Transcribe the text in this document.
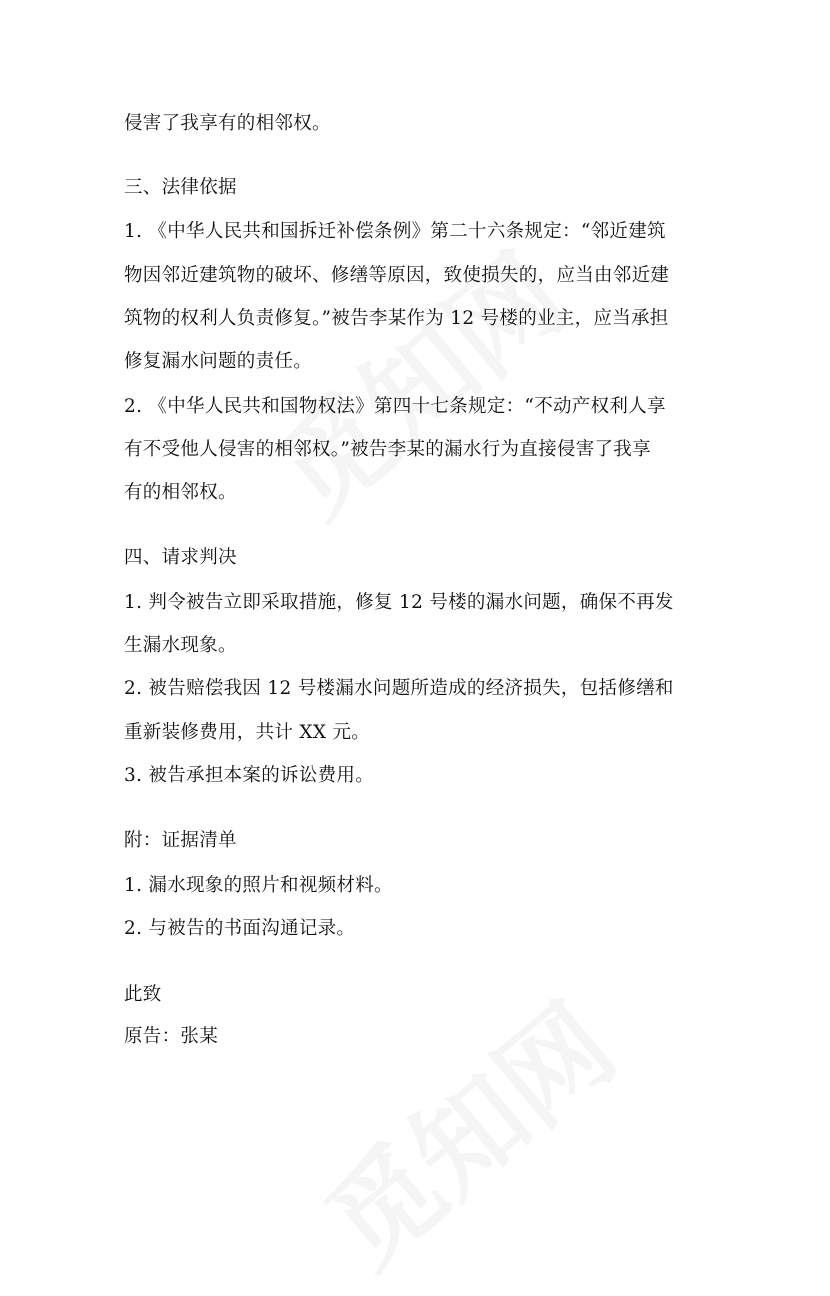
侵害了我享有的相邻权。
三、法律依据
1. 《中华人民共和国拆迁补偿条例》第二十六条规定：“邻近建筑
物因邻近建筑物的破坏、修缮等原因，致使损失的，应当由邻近建
筑物的权利人负责修复。”被告李某作为 12 号楼的业主，应当承担
修复漏水问题的责任。
2. 《中华人民共和国物权法》第四十七条规定：“不动产权利人享
有不受他人侵害的相邻权。”被告李某的漏水行为直接侵害了我享
有的相邻权。
四、请求判决
1. 判令被告立即采取措施，修复 12 号楼的漏水问题，确保不再发
生漏水现象。
2. 被告赔偿我因 12 号楼漏水问题所造成的经济损失，包括修缮和
重新装修费用，共计 XX 元。
3. 被告承担本案的诉讼费用。
附：证据清单
1. 漏水现象的照片和视频材料。
2. 与被告的书面沟通记录。
此致
原告：张某
